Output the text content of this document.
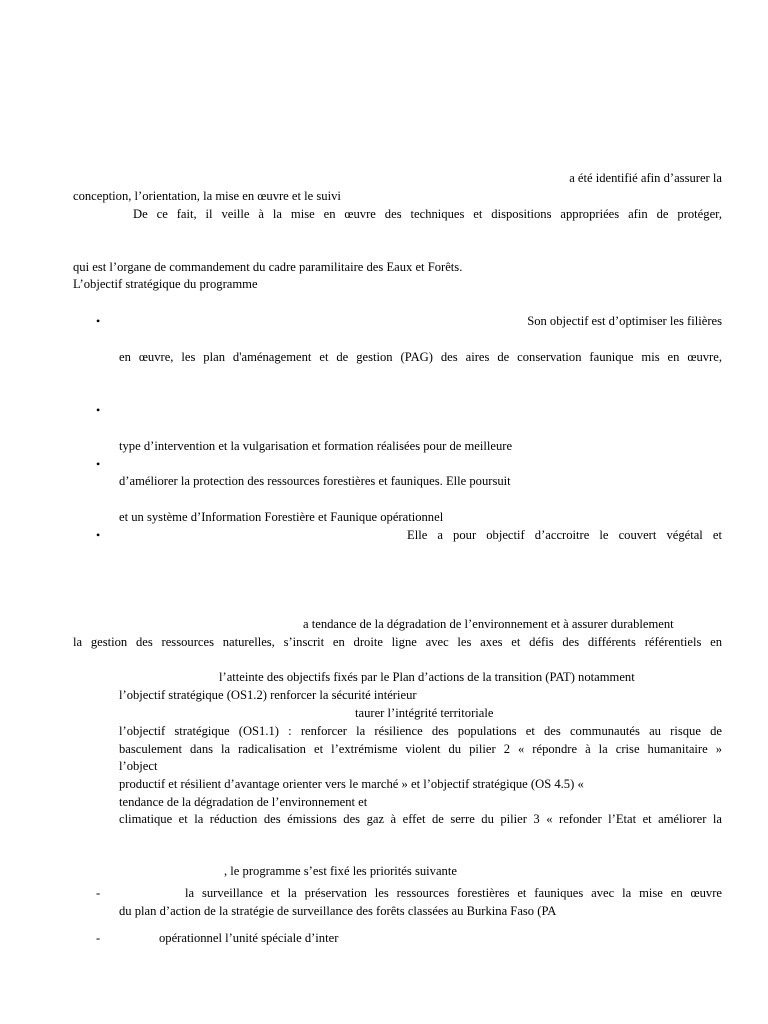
a été identifié afin d’assurer la
conception, l’orientation, la mise en œuvre et le suivi
De ce fait, il veille à la mise en œuvre des techniques et dispositions appropriées afin de protéger,
qui est l’organe de commandement du cadre paramilitaire des Eaux et Forêts.
L’objectif stratégique du programme
•	Son objectif est d’optimiser les filières
en œuvre, les plan d'aménagement et de gestion (PAG) des aires de conservation faunique mis en œuvre,
•
type d’intervention et la vulgarisation et formation réalisées pour de meilleure
•
d’améliorer la protection des ressources forestières et fauniques. Elle poursuit
et un système d’Information Forestière et Faunique opérationnel
•	Elle a pour objectif d’accroitre le couvert végétal et
a tendance de la dégradation de l’environnement et à assurer durablement
la gestion des ressources naturelles, s’inscrit en droite ligne avec les axes et défis des différents référentiels en
l’atteinte des objectifs fixés par le Plan d’actions de la transition (PAT) notamment
l’objectif stratégique (OS1.2) renforcer la sécurité intérieur
taurer l’intégrité territoriale
l’objectif stratégique (OS1.1) : renforcer la résilience des populations et des communautés au risque de
basculement dans la radicalisation et l’extrémisme violent du pilier 2 « répondre à la crise humanitaire »
l’object
productif et résilient d’avantage orienter vers le marché » et l’objectif stratégique (OS 4.5) «
tendance de la dégradation de l’environnement et
climatique et la réduction des émissions des gaz à effet de serre du pilier 3 « refonder l’Etat et améliorer la
, le programme s’est fixé les priorités suivante
-	la surveillance et la préservation les ressources forestières et fauniques avec la mise en œuvre
du plan d’action de la stratégie de surveillance des forêts classées au Burkina Faso (PA
-	opérationnel l’unité spéciale d’inter
